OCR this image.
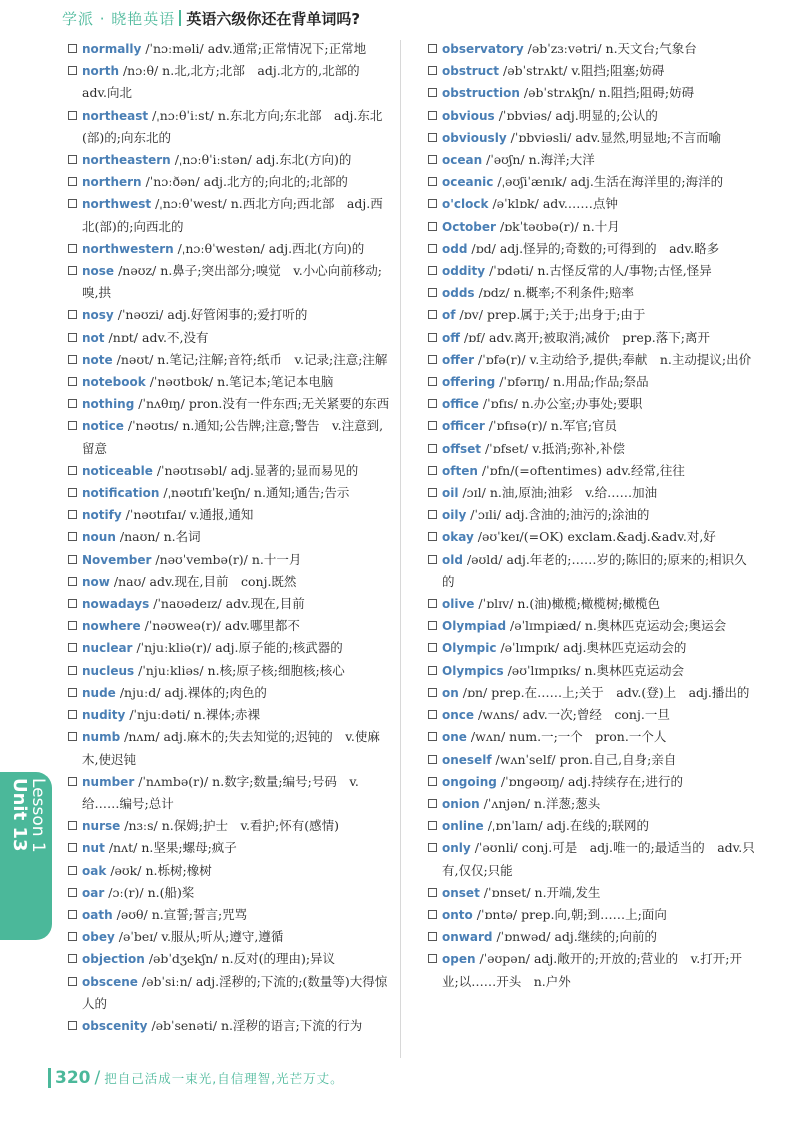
学派 · 晓艳英语 英语六级你还在背单词吗?
normally /ˈnɔːməli/ adv.通常;正常情况下;正常地
north /nɔːθ/ n.北,北方;北部　adj.北方的,北部的　adv.向北
northeast /ˌnɔːθˈiːst/ n.东北方向;东北部　adj.东北(部)的;向东北的
northeastern /ˌnɔːθˈiːstən/ adj.东北(方向)的
northern /ˈnɔːðən/ adj.北方的;向北的;北部的
northwest /ˌnɔːθˈwest/ n.西北方向;西北部　adj.西北(部)的;向西北的
northwestern /ˌnɔːθˈwestən/ adj.西北(方向)的
nose /nəʊz/ n.鼻子;突出部分;嗅觉　v.小心向前移动;嗅,拱
nosy /ˈnəʊzi/ adj.好管闲事的;爱打听的
not /nɒt/ adv.不,没有
note /nəʊt/ n.笔记;注解;音符;纸币　v.记录;注意;注解
notebook /ˈnəʊtbʊk/ n.笔记本;笔记本电脑
nothing /ˈnʌθɪŋ/ pron.没有一件东西;无关紧要的东西
notice /ˈnəʊtɪs/ n.通知;公告牌;注意;警告　v.注意到,留意
noticeable /ˈnəʊtɪsəbl/ adj.显著的;显而易见的
notification /ˌnəʊtɪfɪˈkeɪʃn/ n.通知;通告;告示
notify /ˈnəʊtɪfaɪ/ v.通报,通知
noun /naʊn/ n.名词
November /nəʊˈvembə(r)/ n.十一月
now /naʊ/ adv.现在,目前　conj.既然
nowadays /ˈnaʊədeɪz/ adv.现在,目前
nowhere /ˈnəʊweə(r)/ adv.哪里都不
nuclear /ˈnjuːkliə(r)/ adj.原子能的;核武器的
nucleus /ˈnjuːkliəs/ n.核;原子核;细胞核;核心
nude /njuːd/ adj.裸体的;肉色的
nudity /ˈnjuːdəti/ n.裸体;赤裸
numb /nʌm/ adj.麻木的;失去知觉的;迟钝的　v.使麻木,使迟钝
number /ˈnʌmbə(r)/ n.数字;数量;编号;号码　v.给……编号;总计
nurse /nɜːs/ n.保姆;护士　v.看护;怀有(感情)
nut /nʌt/ n.坚果;螺母;疯子
oak /əʊk/ n.栎树;橡树
oar /ɔː(r)/ n.(船)桨
oath /əʊθ/ n.宣誓;誓言;咒骂
obey /əˈbeɪ/ v.服从;听从;遵守,遵循
objection /əbˈdʒekʃn/ n.反对(的理由);异议
obscene /əbˈsiːn/ adj.淫秽的;下流的;(数量等)大得惊人的
obscenity /əbˈsenəti/ n.淫秽的语言;下流的行为
observatory /əbˈzɜːvətri/ n.天文台;气象台
obstruct /əbˈstrʌkt/ v.阻挡;阻塞;妨碍
obstruction /əbˈstrʌkʃn/ n.阻挡;阻碍;妨碍
obvious /ˈɒbviəs/ adj.明显的;公认的
obviously /ˈɒbviəsli/ adv.显然,明显地;不言而喻
ocean /ˈəʊʃn/ n.海洋;大洋
oceanic /ˌəʊʃiˈænɪk/ adj.生活在海洋里的;海洋的
o'clock /əˈklɒk/ adv.……点钟
October /ɒkˈtəʊbə(r)/ n.十月
odd /ɒd/ adj.怪异的;奇数的;可得到的　adv.略多
oddity /ˈɒdəti/ n.古怪反常的人/事物;古怪,怪异
odds /ɒdz/ n.概率;不利条件;赔率
of /ɒv/ prep.属于;关于;出身于;由于
off /ɒf/ adv.离开;被取消;减价　prep.落下;离开
offer /ˈɒfə(r)/ v.主动给予,提供;奉献　n.主动提议;出价
offering /ˈɒfərɪŋ/ n.用品;作品;祭品
office /ˈɒfɪs/ n.办公室;办事处;要职
officer /ˈɒfɪsə(r)/ n.军官;官员
offset /ˈɒfset/ v.抵消;弥补,补偿
often /ˈɒfn/(=oftentimes) adv.经常,往往
oil /ɔɪl/ n.油,原油;油彩　v.给……加油
oily /ˈɔɪli/ adj.含油的;油污的;涂油的
okay /əʊˈkeɪ/(=OK) exclam.&adj.&adv.对,好
old /əʊld/ adj.年老的;……岁的;陈旧的;原来的;相识久的
olive /ˈɒlɪv/ n.(油)橄榄;橄榄树;橄榄色
Olympiad /əˈlɪmpiæd/ n.奥林匹克运动会;奥运会
Olympic /əˈlɪmpɪk/ adj.奥林匹克运动会的
Olympics /əʊˈlɪmpɪks/ n.奥林匹克运动会
on /ɒn/ prep.在……上;关于　adv.(登)上　adj.播出的
once /wʌns/ adv.一次;曾经　conj.一旦
one /wʌn/ num.一;一个　pron.一个人
oneself /wʌnˈself/ pron.自己,自身;亲自
ongoing /ˈɒngəʊɪŋ/ adj.持续存在;进行的
onion /ˈʌnjən/ n.洋葱;葱头
online /ˌɒnˈlaɪn/ adj.在线的;联网的
only /ˈəʊnli/ conj.可是　adj.唯一的;最适当的　adv.只有,仅仅;只能
onset /ˈɒnset/ n.开端,发生
onto /ˈɒntə/ prep.向,朝;到……上;面向
onward /ˈɒnwəd/ adj.继续的;向前的
open /ˈəʊpən/ adj.敞开的;开放的;营业的　v.打开;开业;以……开头　n.户外
Unit 13
Lesson 1
320 / 把自己活成一束光,自信理智,光芒万丈。
